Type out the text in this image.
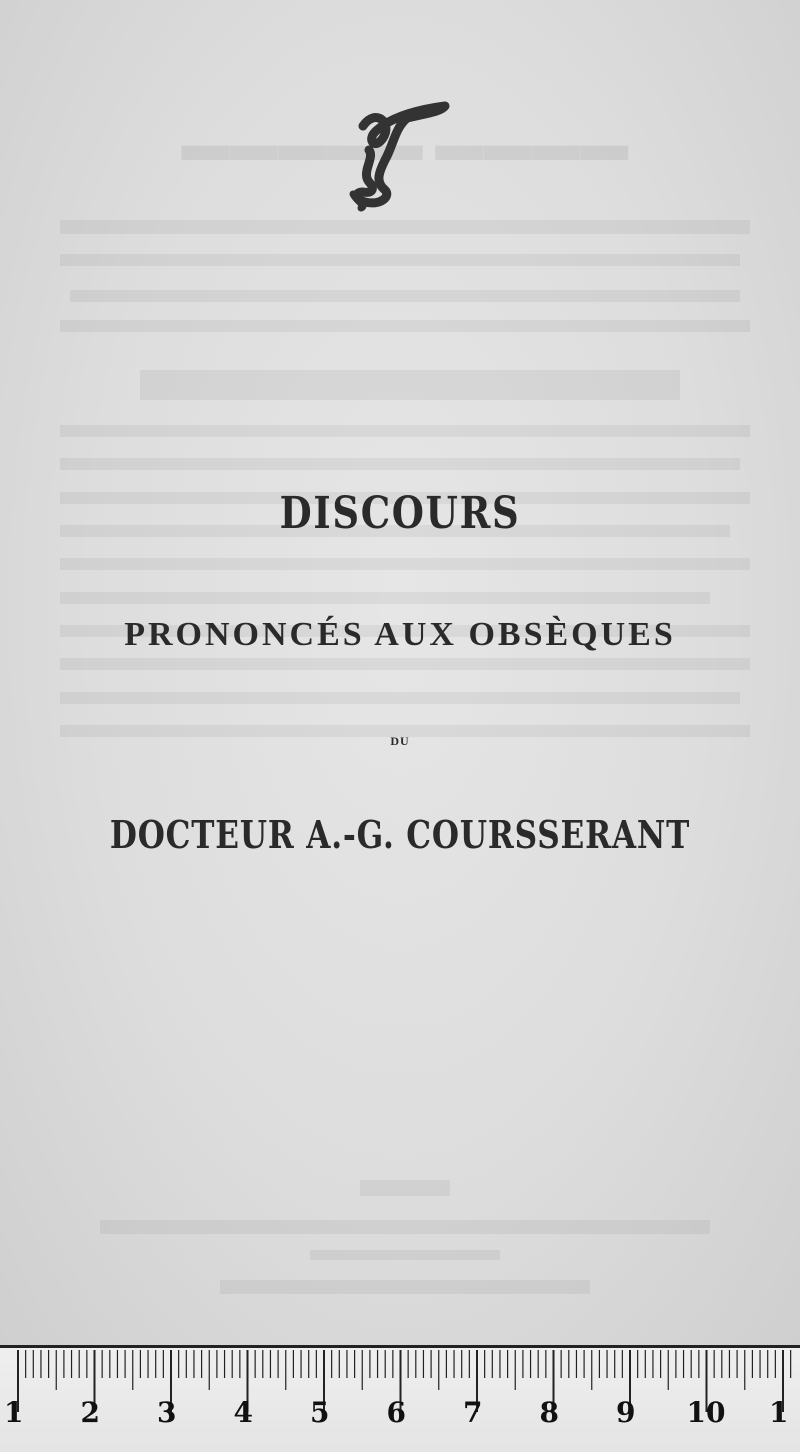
▬▬▬▬▬ ▬▬▬▬
DISCOURS
PRONONCÉS AUX OBSÈQUES
DU
DOCTEUR A.-G. COURSSERANT
1 2 3 4 5 6 7 8 9 10 1
